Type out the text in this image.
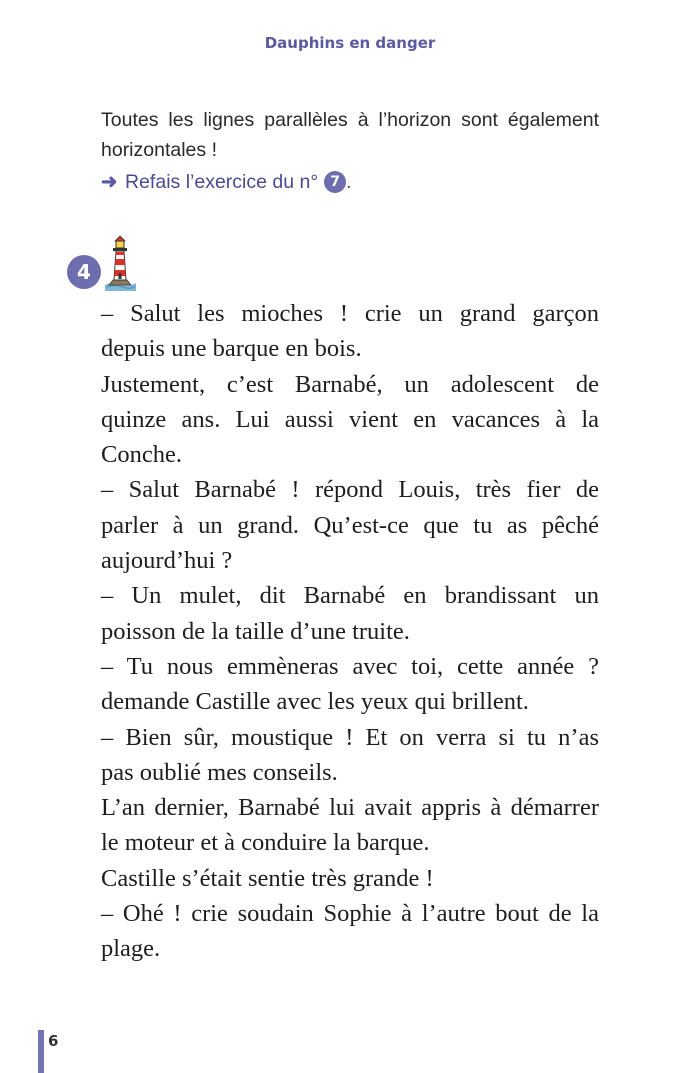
Dauphins en danger
Toutes les lignes parallèles à l’horizon sont également
horizontales !
➜ Refais l’exercice du n° 7 .
4
– Salut les mioches ! crie un grand garçon
depuis une barque en bois.
Justement, c’est Barnabé, un adolescent de
quinze ans. Lui aussi vient en vacances à la
Conche.
– Salut Barnabé ! répond Louis, très fier de
parler à un grand. Qu’est-ce que tu as pêché
aujourd’hui ?
– Un mulet, dit Barnabé en brandissant un
poisson de la taille d’une truite.
– Tu nous emmèneras avec toi, cette année ?
demande Castille avec les yeux qui brillent.
– Bien sûr, moustique ! Et on verra si tu n’as
pas oublié mes conseils.
L’an dernier, Barnabé lui avait appris à démarrer
le moteur et à conduire la barque.
Castille s’était sentie très grande !
– Ohé ! crie soudain Sophie à l’autre bout de la
plage.
6
